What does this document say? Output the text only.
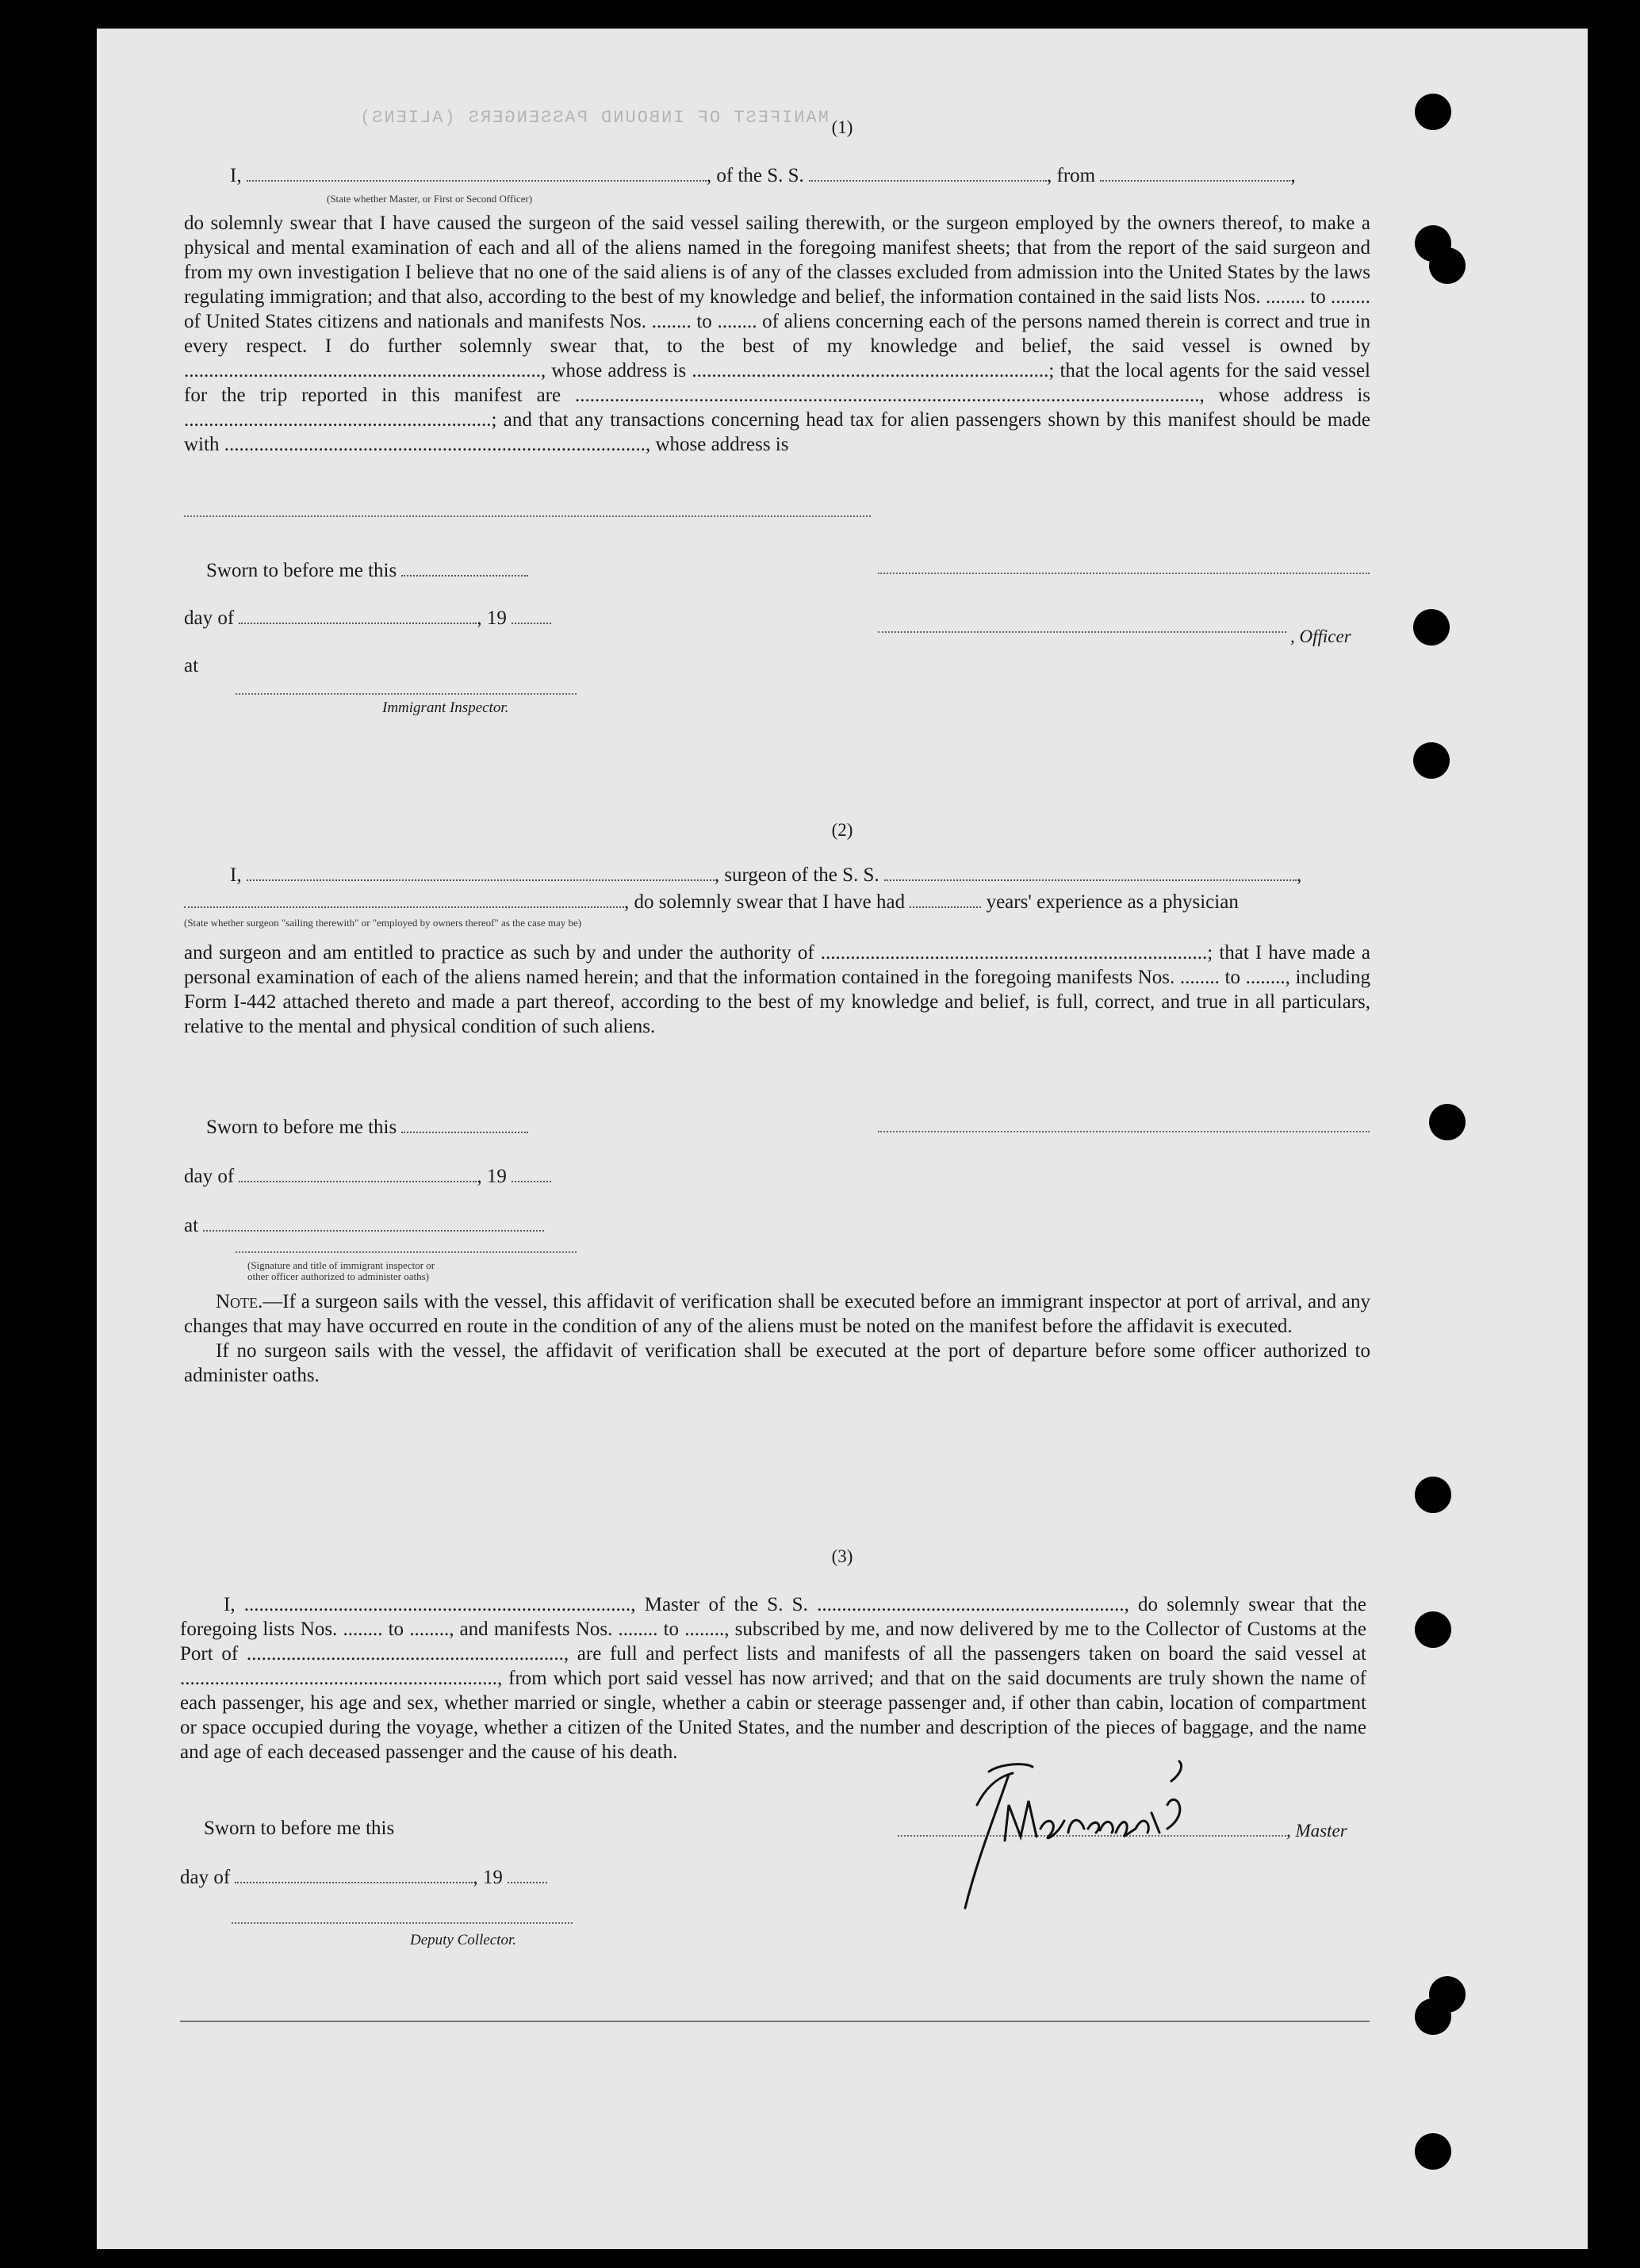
MANIFEST OF INBOUND PASSENGERS (ALIENS) (1)
I,	, of the S. S.	, from	,
(State whether Master, or First or Second Officer)

do solemnly swear that I have caused the surgeon of the said vessel sailing therewith, or the surgeon employed by the owners thereof, to make a physical and mental examination of each and all of the aliens named in the foregoing manifest sheets; that from the report of the said surgeon and from my own investigation I believe that no one of the said aliens is of any of the classes excluded from admission into the United States by the laws regulating immigration; and that also, according to the best of my knowledge and belief, the information contained in the said lists Nos. ........ to ........ of United States citizens and nationals and manifests Nos. ........ to ........ of aliens concerning each of the persons named therein is correct and true in every respect. I do further solemnly swear that, to the best of my knowledge and belief, the said vessel is owned by ........................................................................, whose address is ........................................................................; that the local agents for the said vessel for the trip reported in this manifest are .............................................................................................................................., whose address is ..............................................................; and that any transactions concerning head tax for alien passengers shown by this manifest should be made with ....................................................................................., whose address is

Sworn to before me this
day of	, 19
, Officer
at
Immigrant Inspector.
(2)
I,	, surgeon of the S. S.	,
, do solemnly swear that I have had	years' experience as a physician
(State whether surgeon "sailing therewith" or "employed by owners thereof" as the case may be)

and surgeon and am entitled to practice as such by and under the authority of ..............................................................................; that I have made a personal examination of each of the aliens named herein; and that the information contained in the foregoing manifests Nos. ........ to ........, including Form I-442 attached thereto and made a part thereof, according to the best of my knowledge and belief, is full, correct, and true in all particulars, relative to the mental and physical condition of such aliens.

Sworn to before me this
day of	, 19
at
(Signature and title of immigrant inspector or
other officer authorized to administer oaths)

Note.—If a surgeon sails with the vessel, this affidavit of verification shall be executed before an immigrant inspector at port of arrival, and any changes that may have occurred en route in the condition of any of the aliens must be noted on the manifest before the affidavit is executed.

If no surgeon sails with the vessel, the affidavit of verification shall be executed at the port of departure before some officer authorized to administer oaths.

(3)

I, .............................................................................., Master of the S. S. .............................................................., do solemnly swear that the foregoing lists Nos. ........ to ........, and manifests Nos. ........ to ........, subscribed by me, and now delivered by me to the Collector of Customs at the Port of ................................................................, are full and perfect lists and manifests of all the passengers taken on board the said vessel at ................................................................, from which port said vessel has now arrived; and that on the said documents are truly shown the name of each passenger, his age and sex, whether married or single, whether a cabin or steerage passenger and, if other than cabin, location of compartment or space occupied during the voyage, whether a citizen of the United States, and the number and description of the pieces of baggage, and the name and age of each deceased passenger and the cause of his death.

Sworn to before me this	, Master
day of	, 19
Deputy Collector.
